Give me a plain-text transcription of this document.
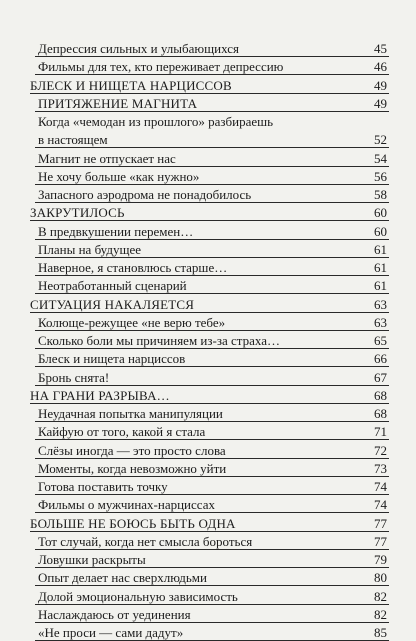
Депрессия сильных и улыбающихся	45
Фильмы для тех, кто переживает депрессию	46
БЛЕСК И НИЩЕТА НАРЦИССОВ	49
ПРИТЯЖЕНИЕ МАГНИТА	49
Когда «чемодан из прошлого» разбираешь
в настоящем	52
Магнит не отпускает нас	54
Не хочу больше «как нужно»	56
Запасного аэродрома не понадобилось	58
ЗАКРУТИЛОСЬ	60
В предвкушении перемен…	60
Планы на будущее	61
Наверное, я становлюсь старше…	61
Неотработанный сценарий	61
СИТУАЦИЯ НАКАЛЯЕТСЯ	63
Колюще-режущее «не верю тебе»	63
Сколько боли мы причиняем из-за страха…	65
Блеск и нищета нарциссов	66
Бронь снята!	67
НА ГРАНИ РАЗРЫВА…	68
Неудачная попытка манипуляции	68
Кайфую от того, какой я стала	71
Слёзы иногда — это просто слова	72
Моменты, когда невозможно уйти	73
Готова поставить точку	74
Фильмы о мужчинах-нарциссах	74
БОЛЬШЕ НЕ БОЮСЬ БЫТЬ ОДНА	77
Тот случай, когда нет смысла бороться	77
Ловушки раскрыты	79
Опыт делает нас сверхлюдьми	80
Долой эмоциональную зависимость	82
Наслаждаюсь от уединения	82
«Не проси — сами дадут»	85
